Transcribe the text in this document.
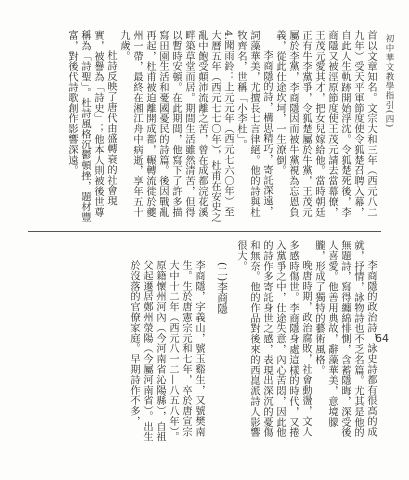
初中華文教學指引(四)
64

首以文章知名。文宗大和三年（西元八二九年）受天平軍節度使令狐楚召聘入幕，自此人生軌跡開始浮沈。令狐楚死後，李商隱又被涇原節度使王茂元請去當幕僚，王茂元愛其才，把女兒嫁給他。當時朝廷正有牛李黨爭，令狐楚屬於牛黨，王茂元屬於李黨，李商隱因而被牛黨視為忘恩負義，從此仕途坎坷，一生潦倒。

李商隱的詩，構思精巧，寄託深遠，詞藻華美，尤擅長七言律絕。他的詩與杜牧齊名，世稱「小李杜」。

4.聞雨鈴：上元元年（西元七六〇年）至大曆五年（西元七七〇年），杜甫在安史之亂中飽受顛沛流離之苦，曾在成都浣花溪畔築草堂而居。期間生活雖然清苦，但得以暫時安頓。在此期間，他寫下了許多描寫田園生活和憂國憂民的詩篇。後因戰亂再起，杜甫被迫離開成都，輾轉流徙於夔州一帶，最終在湘江舟中病逝，享年五十九歲。

杜詩反映了唐代由盛轉衰的社會現實，被譽為「詩史」；他本人則被後世尊稱為「詩聖」。杜詩風格沉鬱頓挫，題材豐富，對後代詩歌創作影響深遠。

李商隱的政治詩，詠史詩都有很高的成就，抒情，詠物詩也不乏名篇。尤其是他的無題詩，寫得纏綿悱惻，含蓄隱晦，深受後人喜愛。他善用典故，辭藻華美，意境朦朧，形成了獨特的藝術風格。

晚唐時期，政治腐敗，社會動盪，文人多感時傷世。李商隱身處這樣的時代，又捲入黨爭之中，仕途失意，內心苦悶，因此他的詩作多寄託身世之感，表現出深沉的憂傷和無奈。他的作品對後來的西崑派詩人影響很大。

(二)李商隱

李商隱，字義山，號玉谿生，又號樊南生。生於唐憲宗元和七年，卒於唐宣宗大中十二年（西元八一二—八五八年）。原籍懷州河內（今河南省沁陽縣），自祖父起遷居鄭州滎陽（今屬河南省）。出生於沒落的官僚家庭。早期詩作不多，
